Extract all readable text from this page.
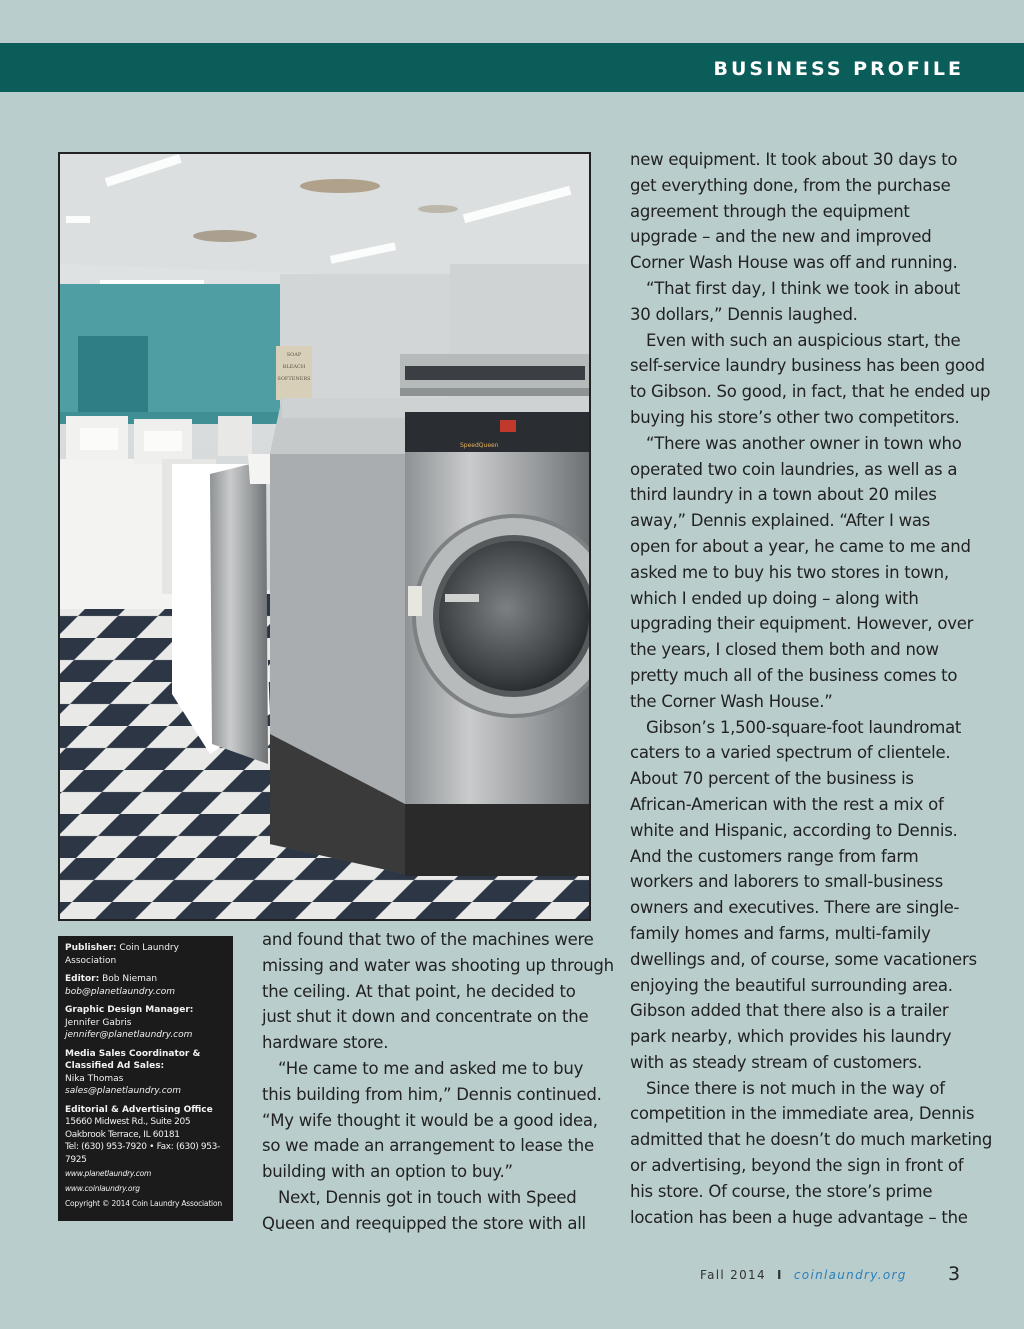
BUSINESS PROFILE
SOAP
BLEACH
SOFTENERS
SpeedQueen
Publisher: Coin Laundry Association
Editor: Bob Nieman
bob@planetlaundry.com
Graphic Design Manager:
Jennifer Gabris
jennifer@planetlaundry.com
Media Sales Coordinator &
Classified Ad Sales:
Nika Thomas
sales@planetlaundry.com
Editorial & Advertising Office
15660 Midwest Rd., Suite 205
Oakbrook Terrace, IL 60181
Tel: (630) 953-7920 • Fax: (630) 953-7925
www.planetlaundry.com
www.coinlaundry.org
Copyright © 2014 Coin Laundry Association
and found that two of the machines were
missing and water was shooting up through
the ceiling. At that point, he decided to
just shut it down and concentrate on the
hardware store.
“He came to me and asked me to buy
this building from him,” Dennis continued.
“My wife thought it would be a good idea,
so we made an arrangement to lease the
building with an option to buy.”
Next, Dennis got in touch with Speed
Queen and reequipped the store with all
new equipment. It took about 30 days to
get everything done, from the purchase
agreement through the equipment
upgrade – and the new and improved
Corner Wash House was off and running.
“That first day, I think we took in about
30 dollars,” Dennis laughed.
Even with such an auspicious start, the
self-service laundry business has been good
to Gibson. So good, in fact, that he ended up
buying his store’s other two competitors.
“There was another owner in town who
operated two coin laundries, as well as a
third laundry in a town about 20 miles
away,” Dennis explained. “After I was
open for about a year, he came to me and
asked me to buy his two stores in town,
which I ended up doing – along with
upgrading their equipment. However, over
the years, I closed them both and now
pretty much all of the business comes to
the Corner Wash House.”
Gibson’s 1,500-square-foot laundromat
caters to a varied spectrum of clientele.
About 70 percent of the business is
African-American with the rest a mix of
white and Hispanic, according to Dennis.
And the customers range from farm
workers and laborers to small-business
owners and executives. There are single-
family homes and farms, multi-family
dwellings and, of course, some vacationers
enjoying the beautiful surrounding area.
Gibson added that there also is a trailer
park nearby, which provides his laundry
with as steady stream of customers.
Since there is not much in the way of
competition in the immediate area, Dennis
admitted that he doesn’t do much marketing
or advertising, beyond the sign in front of
his store. Of course, the store’s prime
location has been a huge advantage – the
Fall 2014 I coinlaundry.org 3
